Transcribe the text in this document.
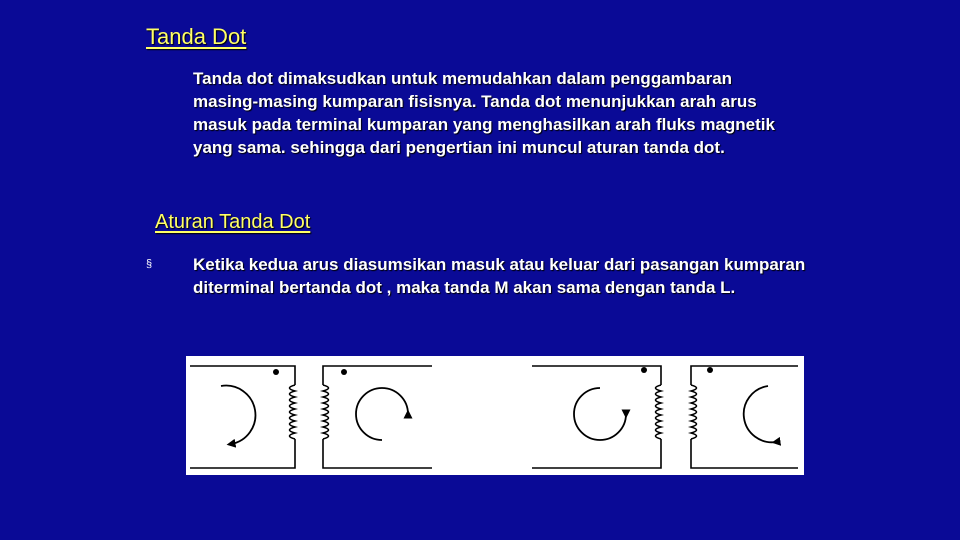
Tanda Dot
Tanda dot dimaksudkan untuk memudahkan dalam penggambaran masing-masing kumparan fisisnya. Tanda dot menunjukkan arah arus masuk pada terminal kumparan yang menghasilkan arah fluks magnetik yang sama. sehingga dari pengertian ini muncul aturan tanda dot.
Aturan Tanda Dot
§ Ketika kedua arus diasumsikan masuk atau keluar dari pasangan kumparan diterminal bertanda dot , maka tanda M akan sama dengan tanda L.
